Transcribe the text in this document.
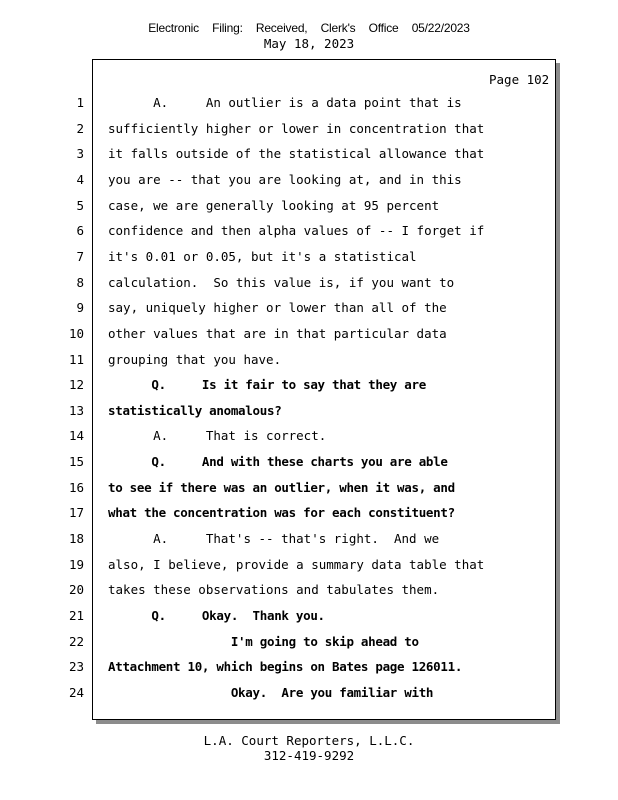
Electronic Filing: Received, Clerk's Office 05/22/2023
May 18, 2023
Page 102
1 A.     An outlier is a data point that is
2 sufficiently higher or lower in concentration that
3 it falls outside of the statistical allowance that
4 you are -- that you are looking at, and in this
5 case, we are generally looking at 95 percent
6 confidence and then alpha values of -- I forget if
7 it's 0.01 or 0.05, but it's a statistical
8 calculation.  So this value is, if you want to
9 say, uniquely higher or lower than all of the
10 other values that are in that particular data
11 grouping that you have.
12 Q.     Is it fair to say that they are
13 statistically anomalous?
14 A.     That is correct.
15 Q.     And with these charts you are able
16 to see if there was an outlier, when it was, and
17 what the concentration was for each constituent?
18 A.     That's -- that's right.  And we
19 also, I believe, provide a summary data table that
20 takes these observations and tabulates them.
21 Q.     Okay.  Thank you.
22 I'm going to skip ahead to
23 Attachment 10, which begins on Bates page 126011.
24 Okay.  Are you familiar with
L.A. Court Reporters, L.L.C.
312-419-9292
